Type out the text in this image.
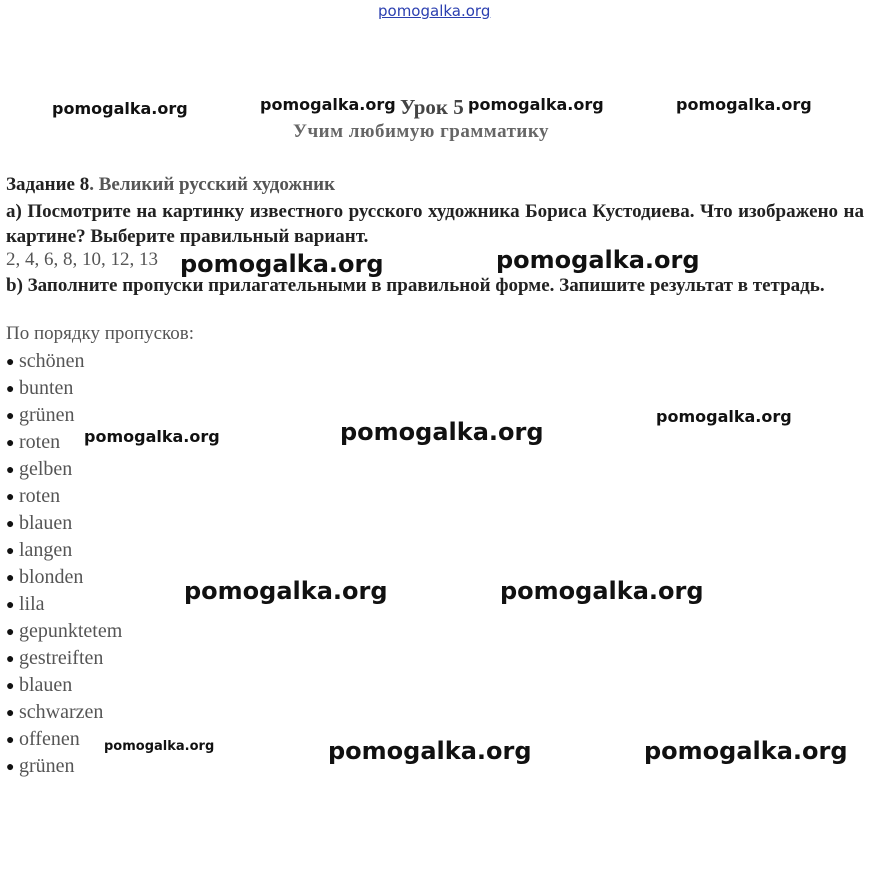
pomogalka.org
Урок 5
Учим любимую грамматику
pomogalka.org	pomogalka.org	pomogalka.org	pomogalka.org
Задание 8. Великий русский художник
а) Посмотрите на картинку известного русского художника Бориса Кустодиева. Что изображено на картине? Выберите правильный вариант.
2, 4, 6, 8, 10, 12, 13
b) Заполните пропуски прилагательными в правильной форме. Запишите результат в тетрадь.
По порядку пропусков:
● schönen
● bunten
● grünen
● roten
● gelben
● roten
● blauen
● langen
● blonden
● lila
● gepunktetem
● gestreiften
● blauen
● schwarzen
● offenen
● grünen
pomogalka.org	pomogalka.org
pomogalka.org
pomogalka.org	pomogalka.org
pomogalka.org	pomogalka.org
pomogalka.org	pomogalka.org	pomogalka.org
